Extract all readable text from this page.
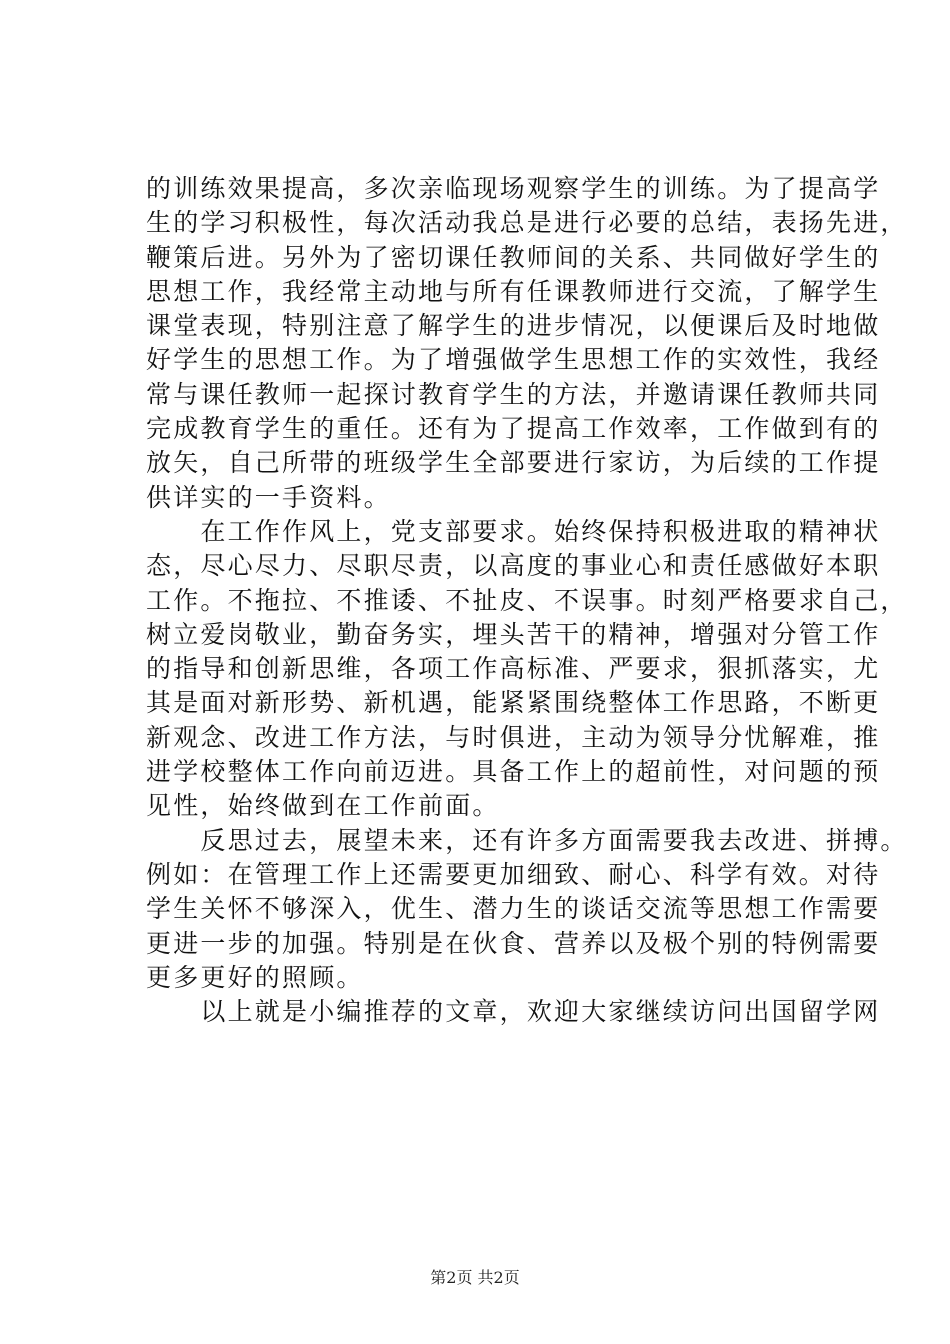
的训练效果提高，多次亲临现场观察学生的训练。为了提高学
生的学习积极性，每次活动我总是进行必要的总结，表扬先进，
鞭策后进。另外为了密切课任教师间的关系、共同做好学生的
思想工作，我经常主动地与所有任课教师进行交流，了解学生
课堂表现，特别注意了解学生的进步情况，以便课后及时地做
好学生的思想工作。为了增强做学生思想工作的实效性，我经
常与课任教师一起探讨教育学生的方法，并邀请课任教师共同
完成教育学生的重任。还有为了提高工作效率，工作做到有的
放矢，自己所带的班级学生全部要进行家访，为后续的工作提
供详实的一手资料。
　　在工作作风上，党支部要求。始终保持积极进取的精神状
态，尽心尽力、尽职尽责，以高度的事业心和责任感做好本职
工作。不拖拉、不推诿、不扯皮、不误事。时刻严格要求自己，
树立爱岗敬业，勤奋务实，埋头苦干的精神，增强对分管工作
的指导和创新思维，各项工作高标准、严要求，狠抓落实，尤
其是面对新形势、新机遇，能紧紧围绕整体工作思路，不断更
新观念、改进工作方法，与时俱进，主动为领导分忧解难，推
进学校整体工作向前迈进。具备工作上的超前性，对问题的预
见性，始终做到在工作前面。
　　反思过去，展望未来，还有许多方面需要我去改进、拼搏。
例如：在管理工作上还需要更加细致、耐心、科学有效。对待
学生关怀不够深入，优生、潜力生的谈话交流等思想工作需要
更进一步的加强。特别是在伙食、营养以及极个别的特例需要
更多更好的照顾。
　　以上就是小编推荐的文章，欢迎大家继续访问出国留学网
第2页 共2页
